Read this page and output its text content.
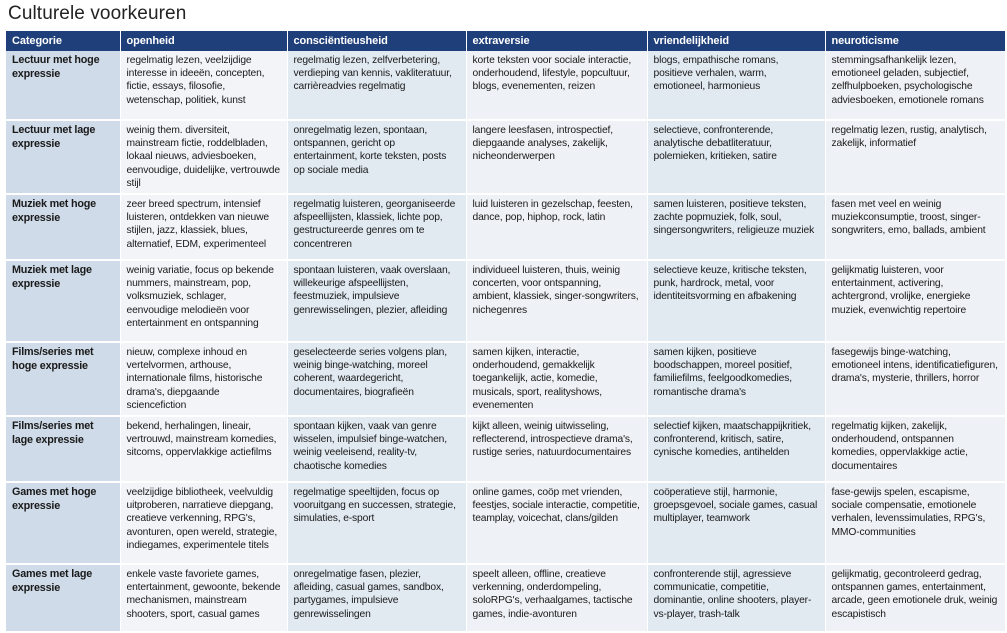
Culturele voorkeuren
Categorie	openheid	consciëntieusheid	extraversie	vriendelijkheid	neuroticisme
Lectuur met hoge expressie	regelmatig lezen, veelzijdige interesse in ideeën, concepten, fictie, essays, filosofie, wetenschap, politiek, kunst	regelmatig lezen, zelfverbetering, verdieping van kennis, vakliteratuur, carrièreadvies regelmatig	korte teksten voor sociale interactie, onderhoudend, lifestyle, popcultuur, blogs, evenementen, reizen	blogs, empathische romans, positieve verhalen, warm, emotioneel, harmonieus	stemmingsafhankelijk lezen, emotioneel geladen, subjectief, zelfhulpboeken, psychologische adviesboeken, emotionele romans
Lectuur met lage expressie	weinig them. diversiteit, mainstream fictie, roddelbladen, lokaal nieuws, adviesboeken, eenvoudige, duidelijke, vertrouwde stijl	onregelmatig lezen, spontaan, ontspannen, gericht op entertainment, korte teksten, posts op sociale media	langere leesfasen, introspectief, diepgaande analyses, zakelijk, nicheonderwerpen	selectieve, confronterende, analytische debatliteratuur, polemieken, kritieken, satire	regelmatig lezen, rustig, analytisch, zakelijk, informatief
Muziek met hoge expressie	zeer breed spectrum, intensief luisteren, ontdekken van nieuwe stijlen, jazz, klassiek, blues, alternatief, EDM, experimenteel	regelmatig luisteren, georganiseerde afspeellijsten, klassiek, lichte pop, gestructureerde genres om te concentreren	luid luisteren in gezelschap, feesten, dance, pop, hiphop, rock, latin	samen luisteren, positieve teksten, zachte popmuziek, folk, soul, singersongwriters, religieuze muziek	fasen met veel en weinig muziekconsumptie, troost, singer-songwriters, emo, ballads, ambient
Muziek met lage expressie	weinig variatie, focus op bekende nummers, mainstream, pop, volksmuziek, schlager, eenvoudige melodieën voor entertainment en ontspanning	spontaan luisteren, vaak overslaan, willekeurige afspeellijsten, feestmuziek, impulsieve genrewisselingen, plezier, afleiding	individueel luisteren, thuis, weinig concerten, voor ontspanning, ambient, klassiek, singer-songwriters, nichegenres	selectieve keuze, kritische teksten, punk, hardrock, metal, voor identiteitsvorming en afbakening	gelijkmatig luisteren, voor entertainment, activering, achtergrond, vrolijke, energieke muziek, evenwichtig repertoire
Films/series met hoge expressie	nieuw, complexe inhoud en vertelvormen, arthouse, internationale films, historische drama's, diepgaande sciencefiction	geselecteerde series volgens plan, weinig binge-watching, moreel coherent, waardegericht, documentaires, biografieën	samen kijken, interactie, onderhoudend, gemakkelijk toegankelijk, actie, komedie, musicals, sport, realityshows, evenementen	samen kijken, positieve boodschappen, moreel positief, familiefilms, feelgoodkomedies, romantische drama's	fasegewijs binge-watching, emotioneel intens, identificatiefiguren, drama's, mysterie, thrillers, horror
Films/series met lage expressie	bekend, herhalingen, lineair, vertrouwd, mainstream komedies, sitcoms, oppervlakkige actiefilms	spontaan kijken, vaak van genre wisselen, impulsief binge-watchen, weinig veeleisend, reality-tv, chaotische komedies	kijkt alleen, weinig uitwisseling, reflecterend, introspectieve drama's, rustige series, natuurdocumentaires	selectief kijken, maatschappijkritiek, confronterend, kritisch, satire, cynische komedies, antihelden	regelmatig kijken, zakelijk, onderhoudend, ontspannen komedies, oppervlakkige actie, documentaires
Games met hoge expressie	veelzijdige bibliotheek, veelvuldig uitproberen, narratieve diepgang, creatieve verkenning, RPG's, avonturen, open wereld, strategie, indiegames, experimentele titels	regelmatige speeltijden, focus op vooruitgang en successen, strategie, simulaties, e-sport	online games, coöp met vrienden, feestjes, sociale interactie, competitie, teamplay, voicechat, clans/gilden	coöperatieve stijl, harmonie, groepsgevoel, sociale games, casual multiplayer, teamwork	fase-gewijs spelen, escapisme, sociale compensatie, emotionele verhalen, levenssimulaties, RPG's, MMO-communities
Games met lage expressie	enkele vaste favoriete games, entertainment, gewoonte, bekende mechanismen, mainstream shooters, sport, casual games	onregelmatige fasen, plezier, afleiding, casual games, sandbox, partygames, impulsieve genrewisselingen	speelt alleen, offline, creatieve verkenning, onderdompeling, soloRPG's, verhaalgames, tactische games, indie-avonturen	confronterende stijl, agressieve communicatie, competitie, dominantie, online shooters, player-vs-player, trash-talk	gelijkmatig, gecontroleerd gedrag, ontspannen games, entertainment, arcade, geen emotionele druk, weinig escapistisch
